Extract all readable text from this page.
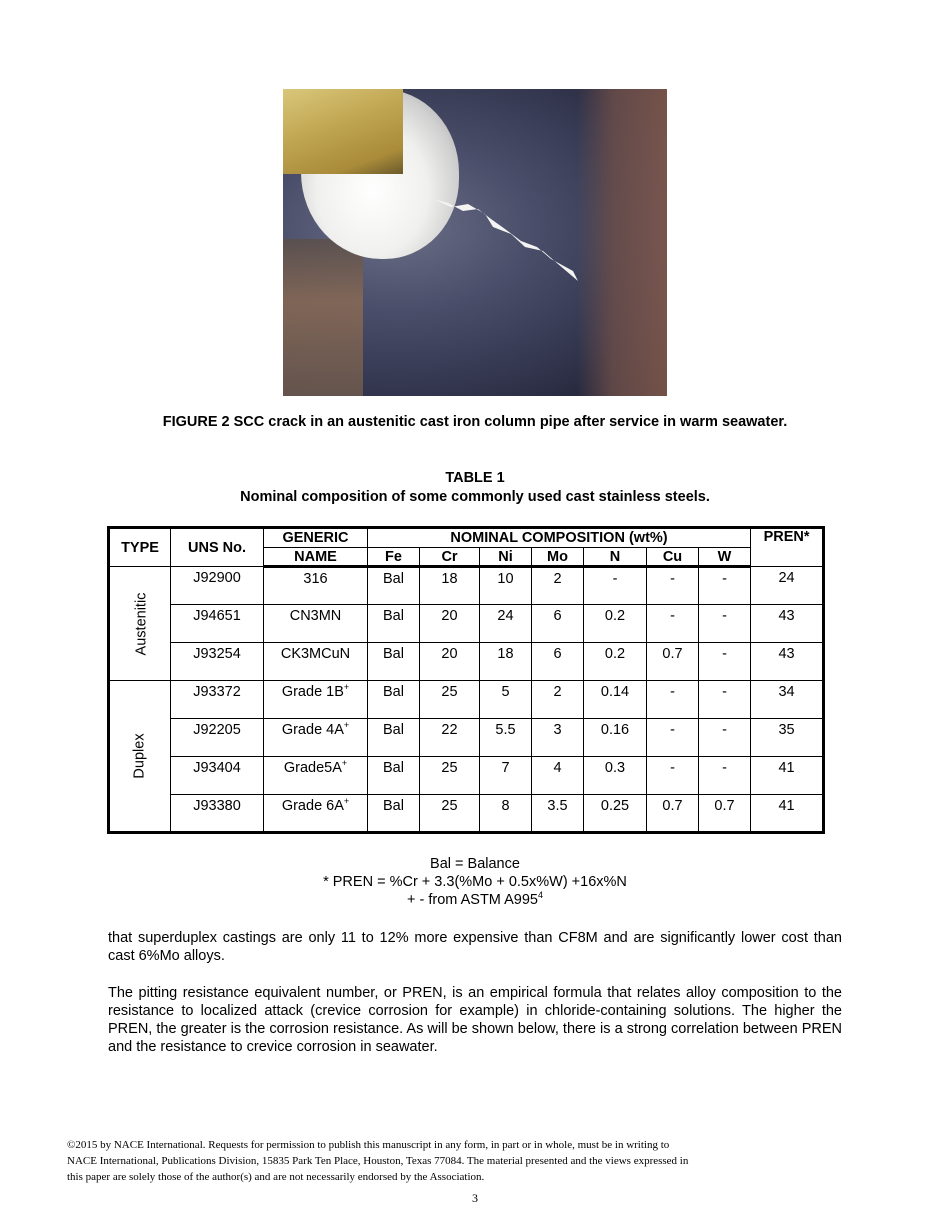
FIGURE 2 SCC crack in an austenitic cast iron column pipe after service in warm seawater.
TABLE 1
Nominal composition of some commonly used cast stainless steels.
TYPE	UNS No.	GENERIC	NOMINAL COMPOSITION (wt%)							PREN*
		NAME	Fe	Cr	Ni	Mo	N	Cu	W	
Austenitic	J92900	316	Bal	18	10	2	-	-	-	24
	J94651	CN3MN	Bal	20	24	6	0.2	-	-	43
	J93254	CK3MCuN	Bal	20	18	6	0.2	0.7	-	43
Duplex	J93372	Grade 1B+	Bal	25	5	2	0.14	-	-	34
	J92205	Grade 4A+	Bal	22	5.5	3	0.16	-	-	35
	J93404	Grade5A+	Bal	25	7	4	0.3	-	-	41
	J93380	Grade 6A+	Bal	25	8	3.5	0.25	0.7	0.7	41
Bal = Balance
* PREN = %Cr + 3.3(%Mo + 0.5x%W) +16x%N
+ - from ASTM $A995^4$
that superduplex castings are only 11 to 12% more expensive than CF8M and are significantly lower cost than cast 6%Mo alloys.
The pitting resistance equivalent number, or PREN, is an empirical formula that relates alloy composition to the resistance to localized attack (crevice corrosion for example) in chloride-containing solutions. The higher the PREN, the greater is the corrosion resistance. As will be shown below, there is a strong correlation between PREN and the resistance to crevice corrosion in seawater.
©2015 by NACE International. Requests for permission to publish this manuscript in any form, in part or in whole, must be in writing to
NACE International, Publications Division, 15835 Park Ten Place, Houston, Texas 77084. The material presented and the views expressed in
this paper are solely those of the author(s) and are not necessarily endorsed by the Association.
3
